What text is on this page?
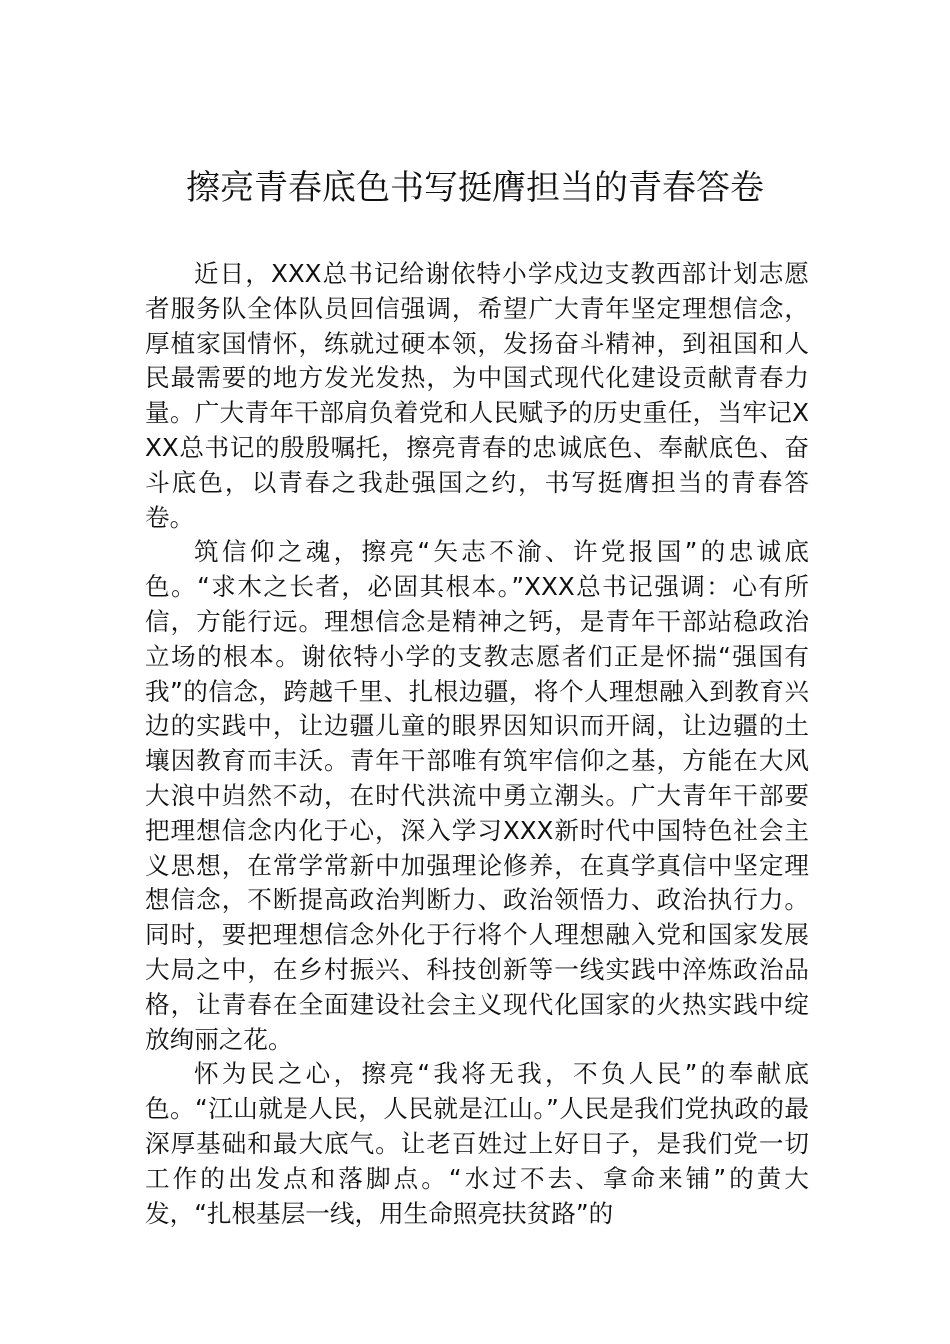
擦亮青春底色书写挺膺担当的青春答卷

近日，XXX总书记给谢依特小学戍边支教西部计划志愿者服务队全体队员回信强调，希望广大青年坚定理想信念，厚植家国情怀，练就过硬本领，发扬奋斗精神，到祖国和人民最需要的地方发光发热，为中国式现代化建设贡献青春力量。广大青年干部肩负着党和人民赋予的历史重任，当牢记XXX总书记的殷殷嘱托，擦亮青春的忠诚底色、奉献底色、奋斗底色，以青春之我赴强国之约，书写挺膺担当的青春答卷。

筑信仰之魂，擦亮“矢志不渝、许党报国”的忠诚底色。“求木之长者，必固其根本。”XXX总书记强调：心有所信，方能行远。理想信念是精神之钙，是青年干部站稳政治立场的根本。谢依特小学的支教志愿者们正是怀揣“强国有我”的信念，跨越千里、扎根边疆，将个人理想融入到教育兴边的实践中，让边疆儿童的眼界因知识而开阔，让边疆的土壤因教育而丰沃。青年干部唯有筑牢信仰之基，方能在大风大浪中岿然不动，在时代洪流中勇立潮头。广大青年干部要把理想信念内化于心，深入学习XXX新时代中国特色社会主义思想，在常学常新中加强理论修养，在真学真信中坚定理想信念，不断提高政治判断力、政治领悟力、政治执行力。同时，要把理想信念外化于行将个人理想融入党和国家发展大局之中，在乡村振兴、科技创新等一线实践中淬炼政治品格，让青春在全面建设社会主义现代化国家的火热实践中绽放绚丽之花。

怀为民之心，擦亮“我将无我，不负人民”的奉献底色。“江山就是人民，人民就是江山。”人民是我们党执政的最深厚基础和最大底气。让老百姓过上好日子，是我们党一切工作的出发点和落脚点。“水过不去、拿命来铺”的黄大发，“扎根基层一线，用生命照亮扶贫路”的
